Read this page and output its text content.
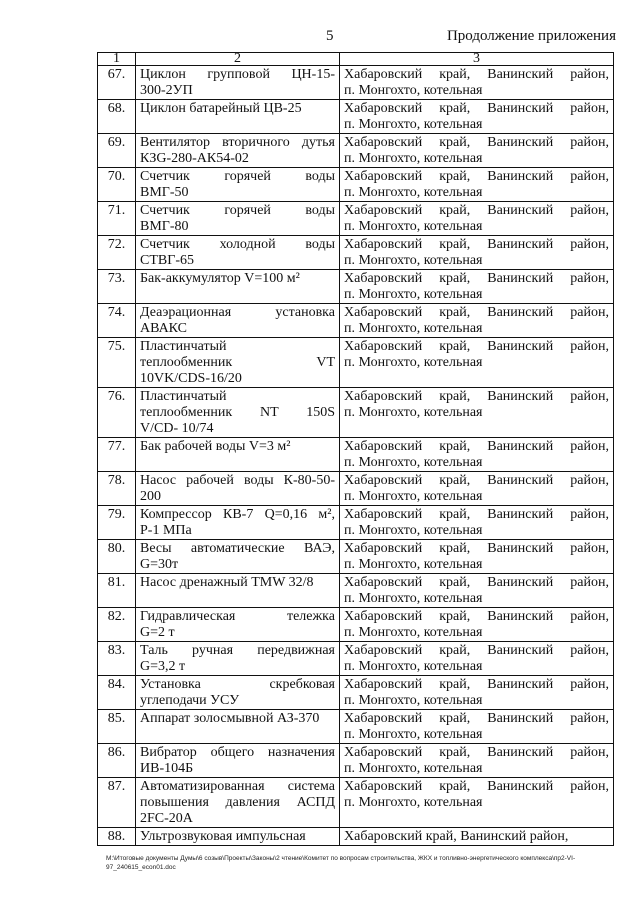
5	Продолжение приложения
1	2	3
67.	Циклон групповой ЦН-15-
300-2УП	Хабаровский край, Ванинский район,
п. Монгохто, котельная

68.	Циклон батарейный ЦВ-25	Хабаровский край, Ванинский район,
п. Монгохто, котельная

69.	Вентилятор вторичного дутья
КЗG-280-АК54-02	Хабаровский край, Ванинский район,
п. Монгохто, котельная

70.	Счетчик горячей воды
ВМГ-50	Хабаровский край, Ванинский район,
п. Монгохто, котельная

71.	Счетчик горячей воды
ВМГ-80	Хабаровский край, Ванинский район,
п. Монгохто, котельная

72.	Счетчик холодной воды
СТВГ-65	Хабаровский край, Ванинский район,
п. Монгохто, котельная

73.	Бак-аккумулятор V=100 м²	Хабаровский край, Ванинский район,
п. Монгохто, котельная

74.	Деаэрационная установка
АВАКС	Хабаровский край, Ванинский район,
п. Монгохто, котельная

75.	Пластинчатый
теплообменник VT
10VK/CDS-16/20	Хабаровский край, Ванинский район,
п. Монгохто, котельная

76.	Пластинчатый
теплообменник NT 150S
V/CD- 10/74	Хабаровский край, Ванинский район,
п. Монгохто, котельная

77.	Бак рабочей воды V=3 м²	Хабаровский край, Ванинский район,
п. Монгохто, котельная

78.	Насос рабочей воды К-80-50-
200	Хабаровский край, Ванинский район,
п. Монгохто, котельная

79.	Компрессор КВ-7 Q=0,16 м²,
Р-1 МПа	Хабаровский край, Ванинский район,
п. Монгохто, котельная

80.	Весы автоматические ВАЭ,
G=30т	Хабаровский край, Ванинский район,
п. Монгохто, котельная

81.	Насос дренажный TMW 32/8	Хабаровский край, Ванинский район,
п. Монгохто, котельная

82.	Гидравлическая тележка
G=2 т	Хабаровский край, Ванинский район,
п. Монгохто, котельная

83.	Таль ручная передвижная
G=3,2 т	Хабаровский край, Ванинский район,
п. Монгохто, котельная

84.	Установка скребковая
углеподачи УСУ	Хабаровский край, Ванинский район,
п. Монгохто, котельная

85.	Аппарат золосмывной АЗ-370	Хабаровский край, Ванинский район,
п. Монгохто, котельная

86.	Вибратор общего назначения
ИВ-104Б	Хабаровский край, Ванинский район,
п. Монгохто, котельная

87.	Автоматизированная система
повышения давления АСПД
2FC-20A	Хабаровский край, Ванинский район,
п. Монгохто, котельная

88.	Ультрозвуковая импульсная	Хабаровский край, Ванинский район,
M:\Итоговые документы Думы\6 созыв\Проекты\Законы\2 чтение\Комитет по вопросам строительства, ЖКХ и топливно-энергетического комплекса\пр2-VI-97_240615_econ01.doc
